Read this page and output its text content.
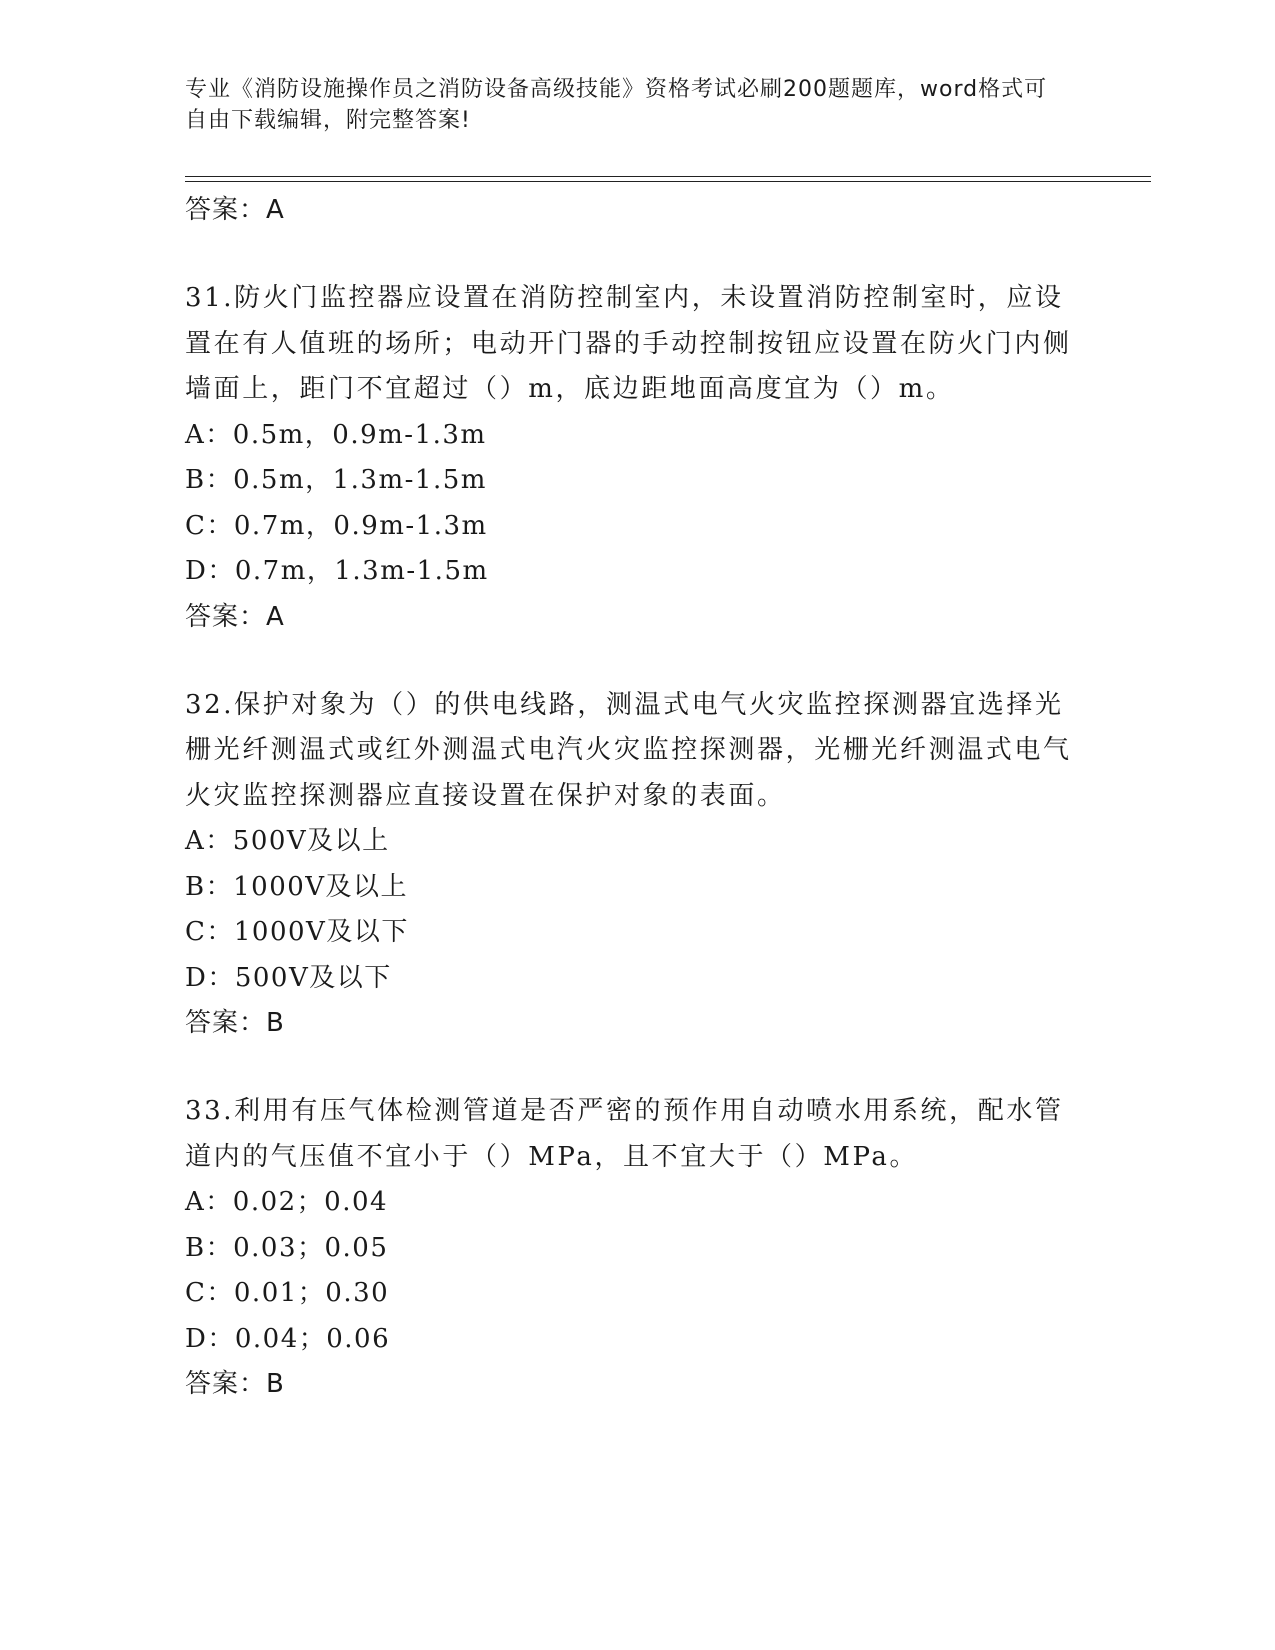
专业《消防设施操作员之消防设备高级技能》资格考试必刷200题题库，word格式可自由下载编辑，附完整答案!
答案：A

31.防火门监控器应设置在消防控制室内，未设置消防控制室时，应设置在有人值班的场所；电动开门器的手动控制按钮应设置在防火门内侧墙面上，距门不宜超过（）m，底边距地面高度宜为（）m。

A：0.5m，0.9m-1.3m
B：0.5m，1.3m-1.5m
C：0.7m，0.9m-1.3m
D：0.7m，1.3m-1.5m
答案：A

32.保护对象为（）的供电线路，测温式电气火灾监控探测器宜选择光栅光纤测温式或红外测温式电汽火灾监控探测器，光栅光纤测温式电气火灾监控探测器应直接设置在保护对象的表面。

A：500V及以上
B：1000V及以上
C：1000V及以下
D：500V及以下
答案：B

33.利用有压气体检测管道是否严密的预作用自动喷水用系统，配水管道内的气压值不宜小于（）MPa，且不宜大于（）MPa。

A：0.02；0.04
B：0.03；0.05
C：0.01；0.30
D：0.04；0.06
答案：B
